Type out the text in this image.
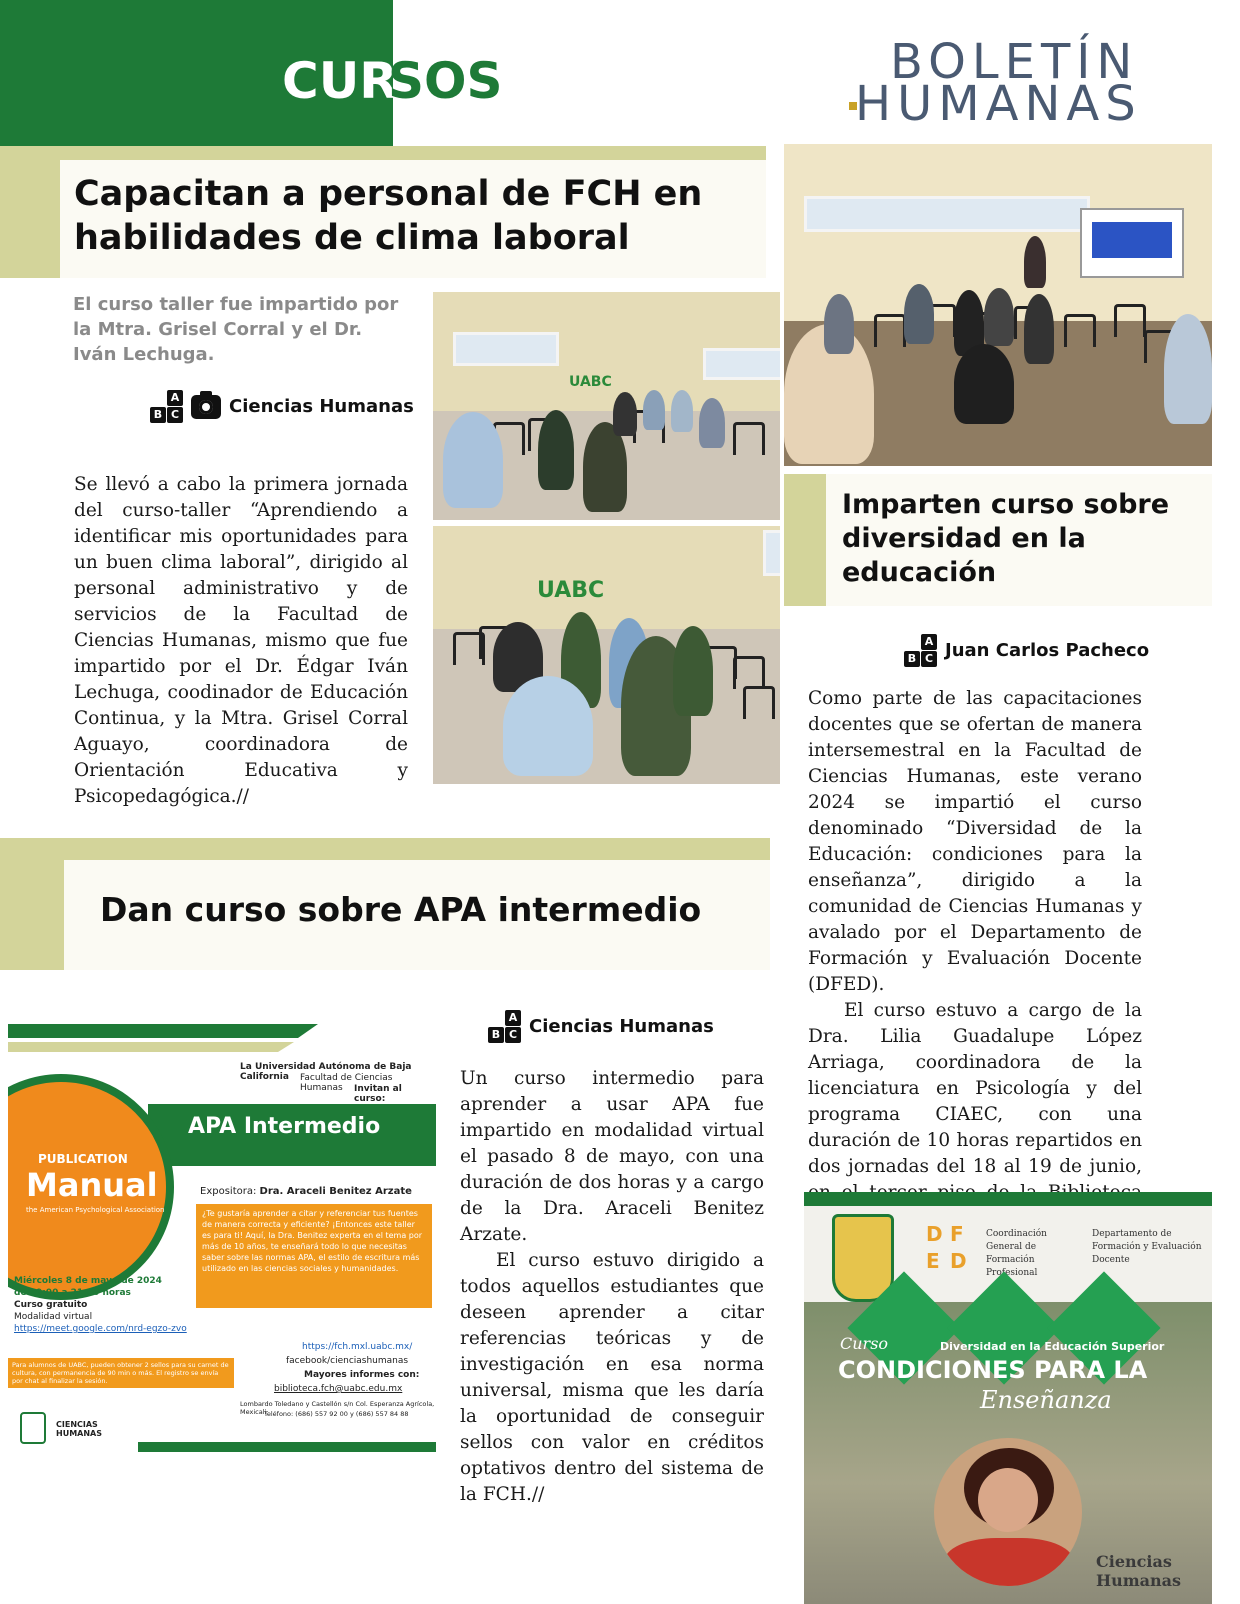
CUR
SOS	BOLETÍN
HUMANAS
Capacitan a personal de FCH en habilidades de clima laboral
El curso taller fue impartido por la Mtra. Grisel Corral y el Dr. Iván Lechuga.
A
B C	Ciencias Humanas
Se llevó a cabo la primera jornada del curso-taller “Aprendiendo a identificar mis oportunidades para un buen clima laboral”, dirigido al personal administrativo y de servicios de la Facultad de Ciencias Humanas, mismo que fue impartido por el Dr. Édgar Iván Lechuga, coodinador de Educación Continua, y la Mtra. Grisel Corral Aguayo, coordinadora de Orientación Educativa y Psicopedagógica.//
UABC
UABC
Imparten curso sobre diversidad en la educación
A
B C Juan Carlos Pacheco
Como parte de las capacitaciones docentes que se ofertan de manera intersemestral en la Facultad de Ciencias Humanas, este verano 2024 se impartió el curso denominado “Diversidad de la Educación: condiciones para la enseñanza”, dirigido a la comunidad de Ciencias Humanas y avalado por el Departamento de Formación y Evaluación Docente (DFED).
El curso estuvo a cargo de la Dra. Lilia Guadalupe López Arriaga, coordinadora de la licenciatura en Psicología y del programa CIAEC, con una duración de 10 horas repartidos en dos jornadas del 18 al 19 de junio,
Dan curso sobre APA intermedio
A
B C Ciencias Humanas
Un curso intermedio para aprender a usar APA fue impartido en modalidad virtual el pasado 8 de mayo, con una duración de dos horas y a cargo de la Dra. Araceli Benitez Arzate.
El curso estuvo dirigido a todos aquellos estudiantes que deseen aprender a citar referencias teóricas y de investigación en esa norma universal, misma que les daría la oportunidad de conseguir sellos con valor en créditos optativos dentro del sistema de la FCH.//
La Universidad Autónoma de Baja California	Facultad de Ciencias Humanas	Invitan al curso:
APA Intermedio
PUBLICATION
Manual
the American Psychological Association
Expositora: Dra. Araceli Benitez Arzate
¿Te gustaría aprender a citar y referenciar tus fuentes de manera correcta y eficiente? ¡Entonces este taller es para ti! Aquí, la Dra. Benitez experta en el tema por más de 10 años, te enseñará todo lo que necesitas saber sobre las normas APA, el estilo de escritura más utilizado en las ciencias sociales y humanidades.
Miércoles 8 de mayo de 2024
de 19:00 a 21:00 horas
Curso gratuito
Modalidad virtual
https://meet.google.com/nrd-egzo-zvo
https://fch.mxl.uabc.mx/
facebook/cienciashumanas
Mayores informes con:
biblioteca.fch@uabc.edu.mx
Para alumnos de UABC, pueden obtener 2 sellos para su carnet de cultura, con permanencia de 90 min o más. El registro se envía por chat al finalizar la sesión.
Lombardo Toledano y Castellón s/n Col. Esperanza Agrícola, Mexicali
Teléfono: (686) 557 92 00 y (686) 557 84 88
CIENCIAS HUMANAS
D F
E D
Coordinación General de Formación Profesional
Departamento de Formación y Evaluación Docente
Curso	Diversidad en la Educación Superior
CONDICIONES PARA LA
Enseñanza
Ciencias Humanas
